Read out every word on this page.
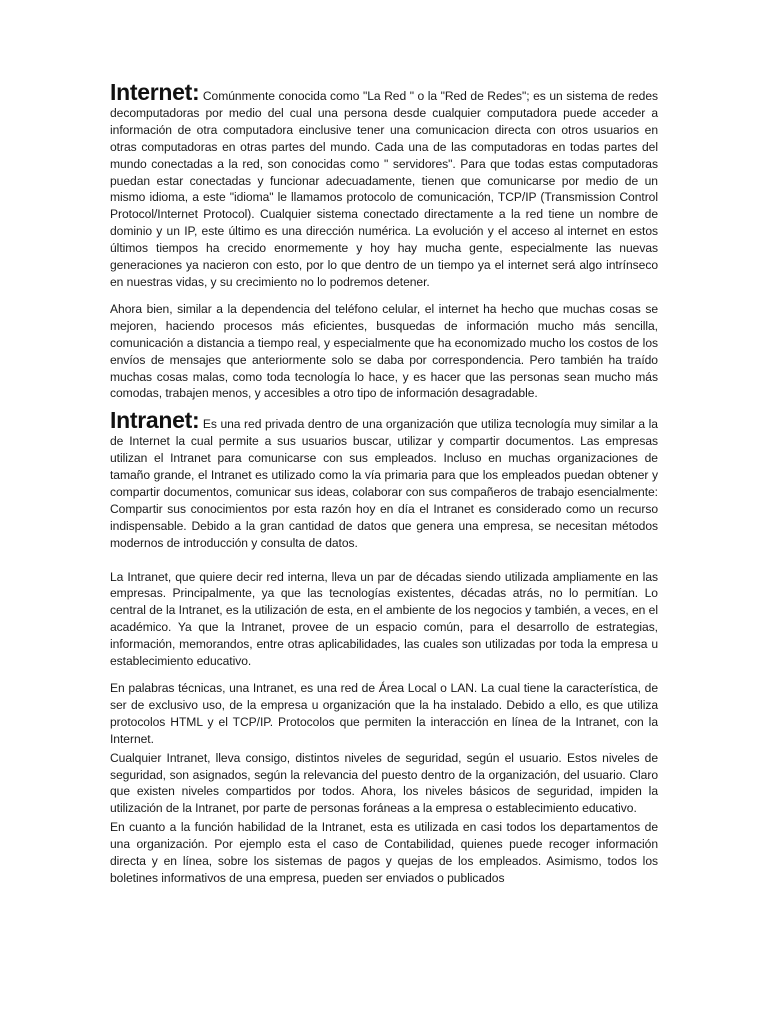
Internet: Comúnmente conocida como "La Red " o la "Red de Redes"; es un sistema de redes decomputadoras por medio del cual una persona desde cualquier computadora puede acceder a información de otra computadora einclusive tener una comunicacion directa con otros usuarios en otras computadoras en otras partes del mundo. Cada una de las computadoras en todas partes del mundo conectadas a la red, son conocidas como " servidores". Para que todas estas computadoras puedan estar conectadas y funcionar adecuadamente, tienen que comunicarse por medio de un mismo idioma, a este "idioma" le llamamos protocolo de comunicación, TCP/IP (Transmission Control Protocol/Internet Protocol). Cualquier sistema conectado directamente a la red tiene un nombre de dominio y un IP, este último es una dirección numérica. La evolución y el acceso al internet en estos últimos tiempos ha crecido enormemente y hoy hay mucha gente, especialmente las nuevas generaciones ya nacieron con esto, por lo que dentro de un tiempo ya el internet será algo intrínseco en nuestras vidas, y su crecimiento no lo podremos detener.

Ahora bien, similar a la dependencia del teléfono celular, el internet ha hecho que muchas cosas se mejoren, haciendo procesos más eficientes, busquedas de información mucho más sencilla, comunicación a distancia a tiempo real, y especialmente que ha economizado mucho los costos de los envíos de mensajes que anteriormente solo se daba por correspondencia. Pero también ha traído muchas cosas malas, como toda tecnología lo hace, y es hacer que las personas sean mucho más comodas, trabajen menos, y accesibles a otro tipo de información desagradable.

Intranet: Es una red privada dentro de una organización que utiliza tecnología muy similar a la de Internet la cual permite a sus usuarios buscar, utilizar y compartir documentos. Las empresas utilizan el Intranet para comunicarse con sus empleados. Incluso en muchas organizaciones de tamaño grande, el Intranet es utilizado como la vía primaria para que los empleados puedan obtener y compartir documentos, comunicar sus ideas, colaborar con sus compañeros de trabajo esencialmente: Compartir sus conocimientos por esta razón hoy en día el Intranet es considerado como un recurso indispensable. Debido a la gran cantidad de datos que genera una empresa, se necesitan métodos modernos de introducción y consulta de datos.

La Intranet, que quiere decir red interna, lleva un par de décadas siendo utilizada ampliamente en las empresas. Principalmente, ya que las tecnologías existentes, décadas atrás, no lo permitían. Lo central de la Intranet, es la utilización de esta, en el ambiente de los negocios y también, a veces, en el académico. Ya que la Intranet, provee de un espacio común, para el desarrollo de estrategias, información, memorandos, entre otras aplicabilidades, las cuales son utilizadas por toda la empresa u establecimiento educativo.

En palabras técnicas, una Intranet, es una red de Área Local o LAN. La cual tiene la característica, de ser de exclusivo uso, de la empresa u organización que la ha instalado. Debido a ello, es que utiliza protocolos HTML y el TCP/IP. Protocolos que permiten la interacción en línea de la Intranet, con la Internet.

Cualquier Intranet, lleva consigo, distintos niveles de seguridad, según el usuario. Estos niveles de seguridad, son asignados, según la relevancia del puesto dentro de la organización, del usuario. Claro que existen niveles compartidos por todos. Ahora, los niveles básicos de seguridad, impiden la utilización de la Intranet, por parte de personas foráneas a la empresa o establecimiento educativo.

En cuanto a la función habilidad de la Intranet, esta es utilizada en casi todos los departamentos de una organización. Por ejemplo esta el caso de Contabilidad, quienes puede recoger información directa y en línea, sobre los sistemas de pagos y quejas de los empleados. Asimismo, todos los boletines informativos de una empresa, pueden ser enviados o publicados
